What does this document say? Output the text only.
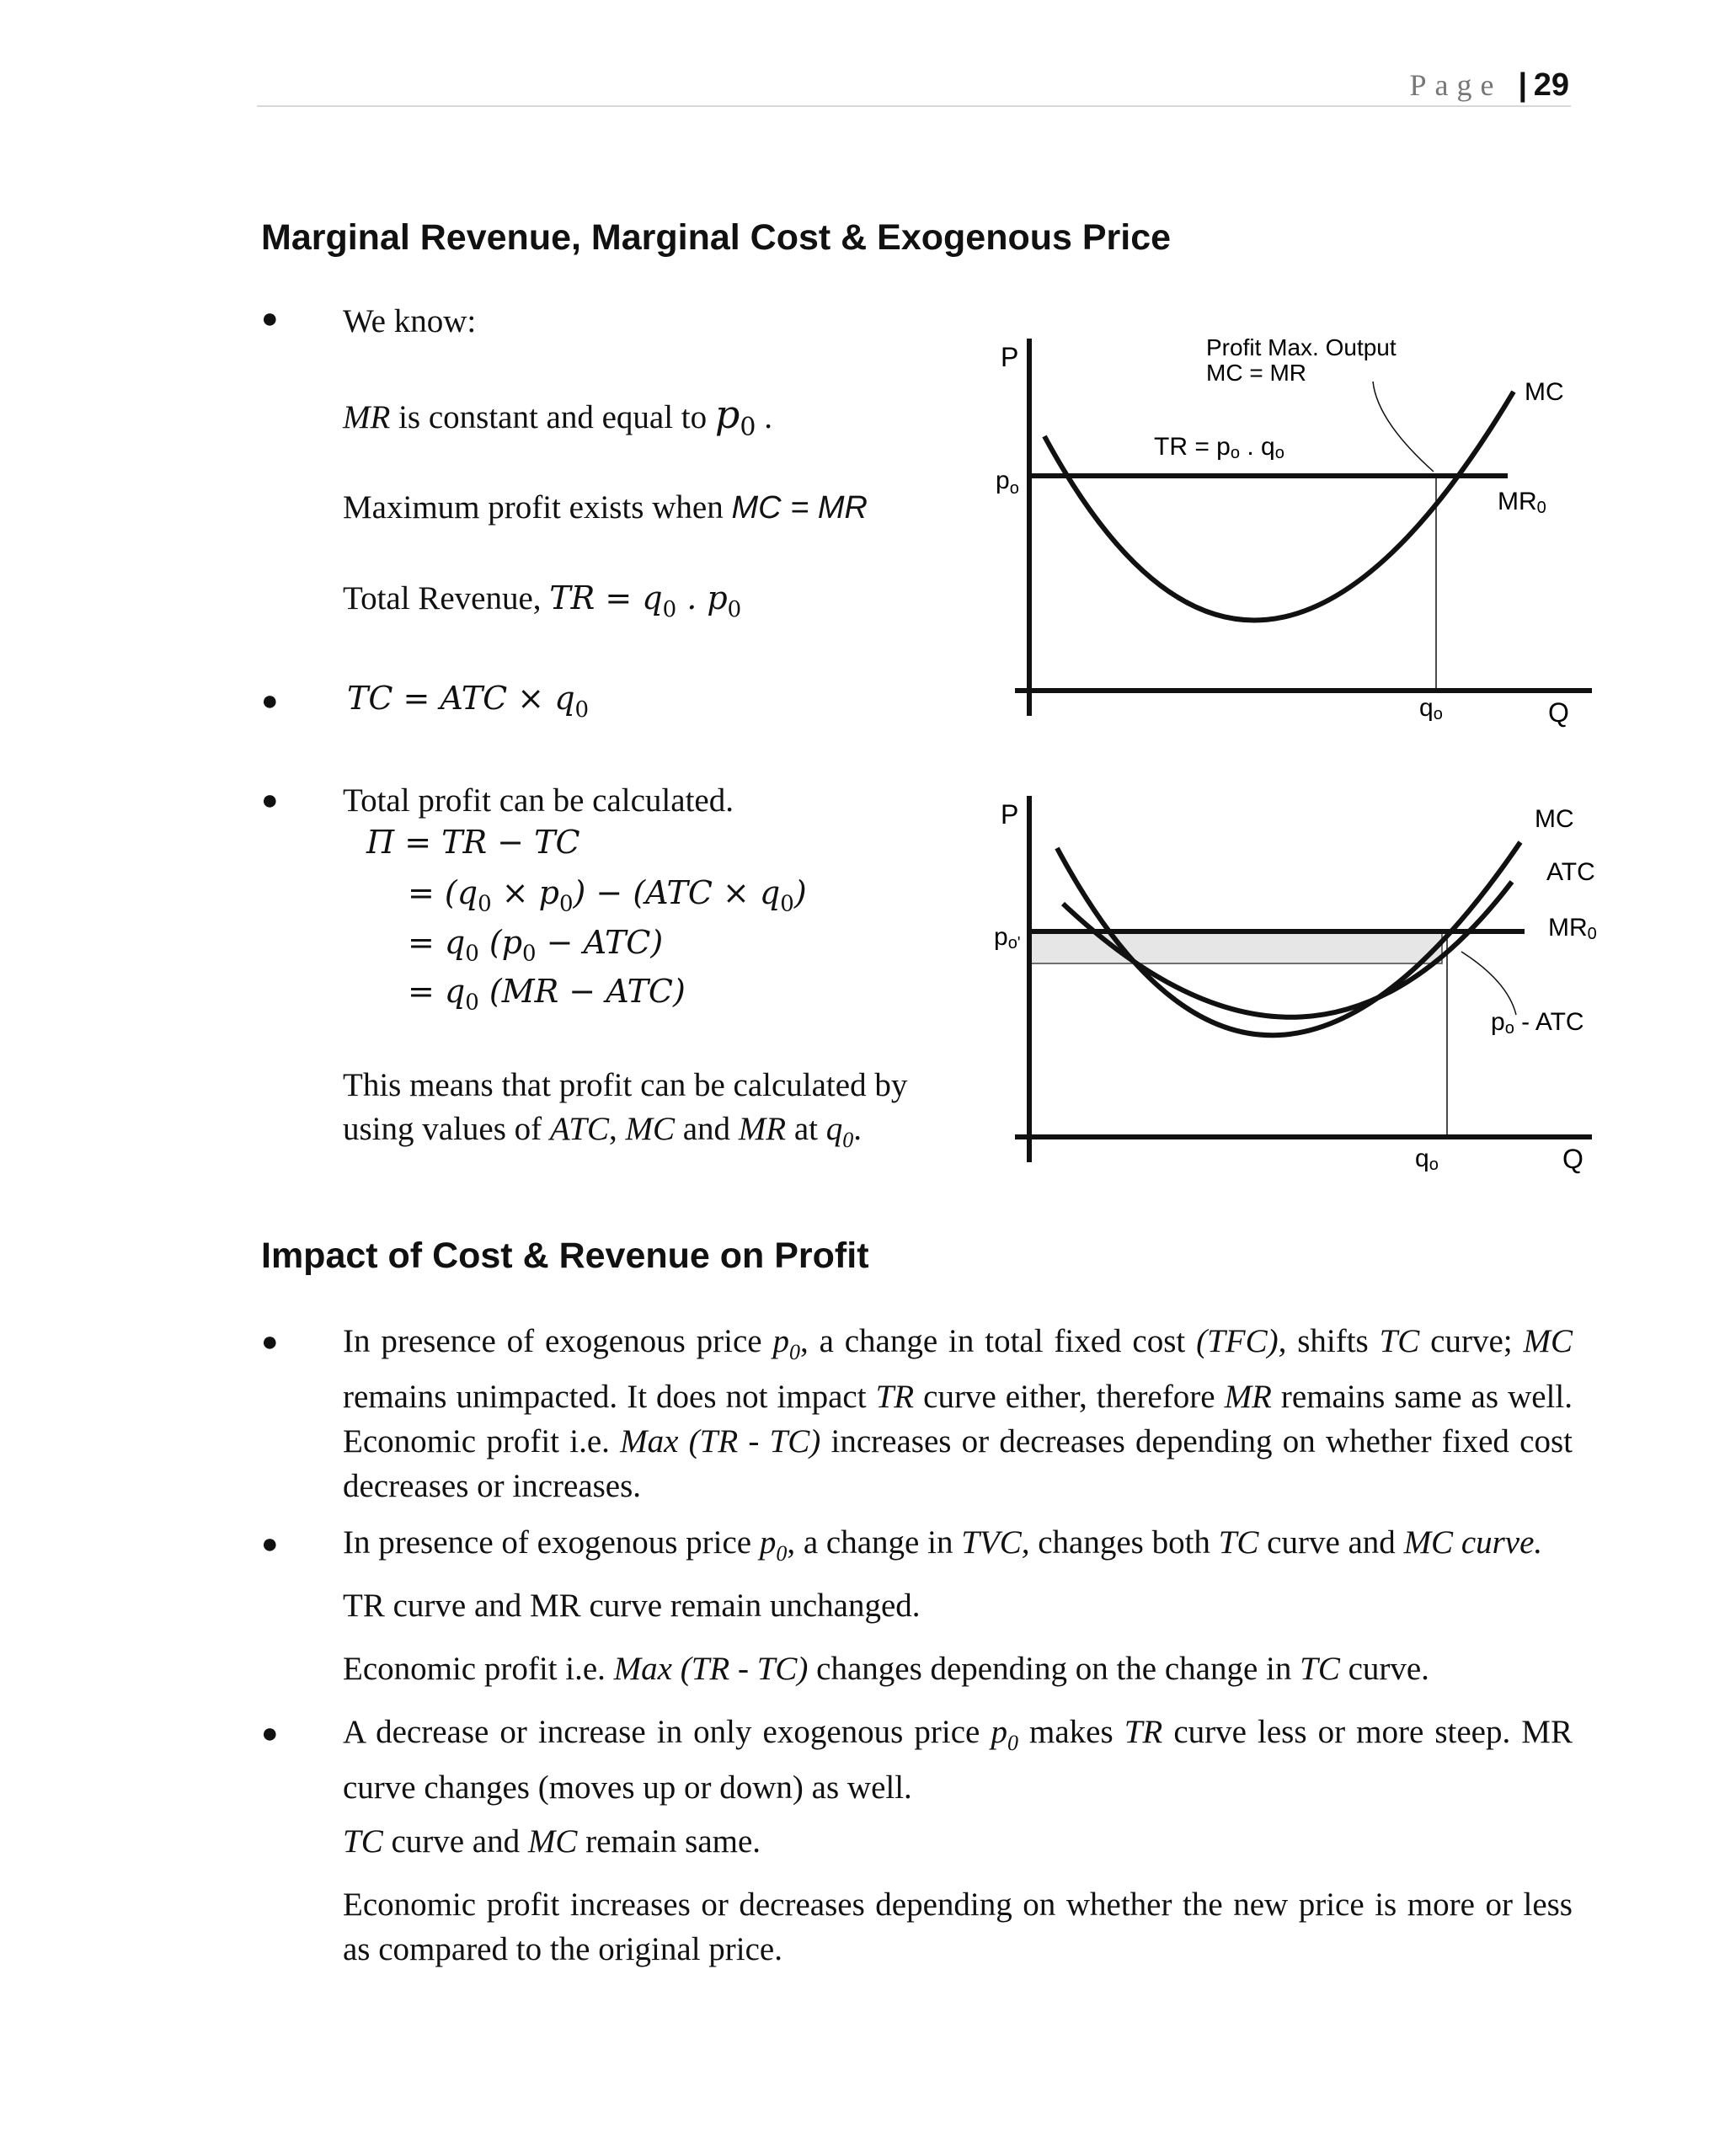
Page |  29
Marginal Revenue, Marginal Cost & Exogenous Price
● We know:
MR is constant and equal to $p_0$ .
Maximum profit exists when MC = MR
Total Revenue, TR = $q_0$ . $p_0$
● TC = ATC × $q_0$
● Total profit can be calculated.
Π = TR − TC
= $(q_0 \times p_0) - (ATC \times q_0)$
= $q_0$ $(p_0 - ATC)$
= $q_0$ (MR − ATC)
This means that profit can be calculated by
using values of ATC, MC and MR at $q_0$.
P
$p_o$
Profit Max. Output
MC = MR
MC
MR0
TR = po . qo
qo	Q
P
po'
MC
ATC
MR0
po - ATC
qo	Q
Impact of Cost & Revenue on Profit
● In presence of exogenous price $p_0$, a change in total fixed cost (TFC), shifts TC curve; MC remains unimpacted. It does not impact TR curve either, therefore MR remains same as well. Economic profit i.e. Max (TR - TC) increases or decreases depending on whether fixed cost decreases or increases.
● In presence of exogenous price $p_0$, a change in TVC, changes both TC curve and MC curve.
TR curve and MR curve remain unchanged.
Economic profit i.e. Max (TR - TC) changes depending on the change in TC curve.
● A decrease or increase in only exogenous price $p_0$ makes TR curve less or more steep. MR curve changes (moves up or down) as well.
TC curve and MC remain same.
Economic profit increases or decreases depending on whether the new price is more or less as compared to the original price.
